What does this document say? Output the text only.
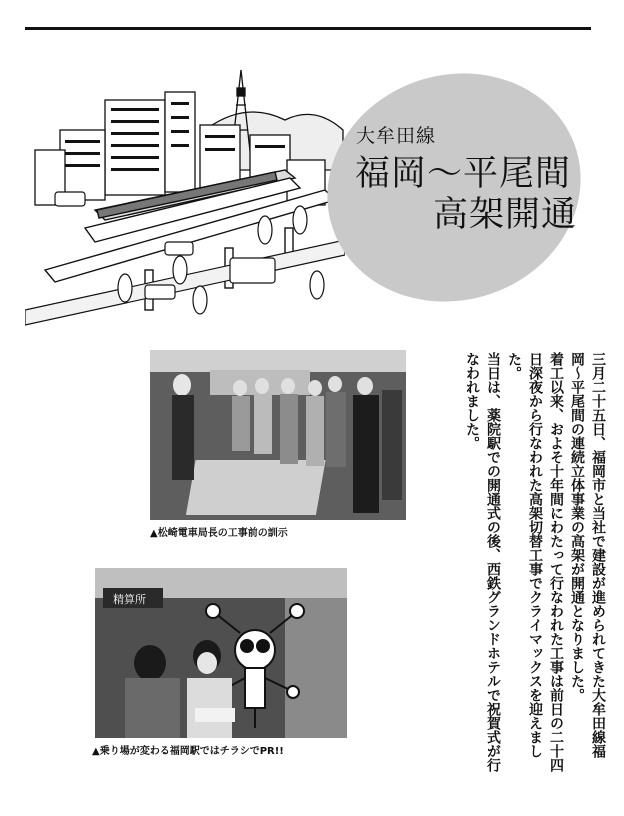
大牟田線
福岡〜平尾間
高架開通
▲松崎電車局長の工事前の訓示
精算所
▲乗り場が変わる福岡駅ではチラシでPR!!	三月二十五日、福岡市と当社で建設が進められてきた大牟田線福岡〜平尾間の連続立体事業の高架が開通となりました。

着工以来、およそ十年間にわたって行なわれた工事は前日の二十四日深夜から行なわれた高架切替工事でクライマックスを迎えました。

当日は、薬院駅での開通式の後、西鉄グランドホテルで祝賀式が行なわれました。
